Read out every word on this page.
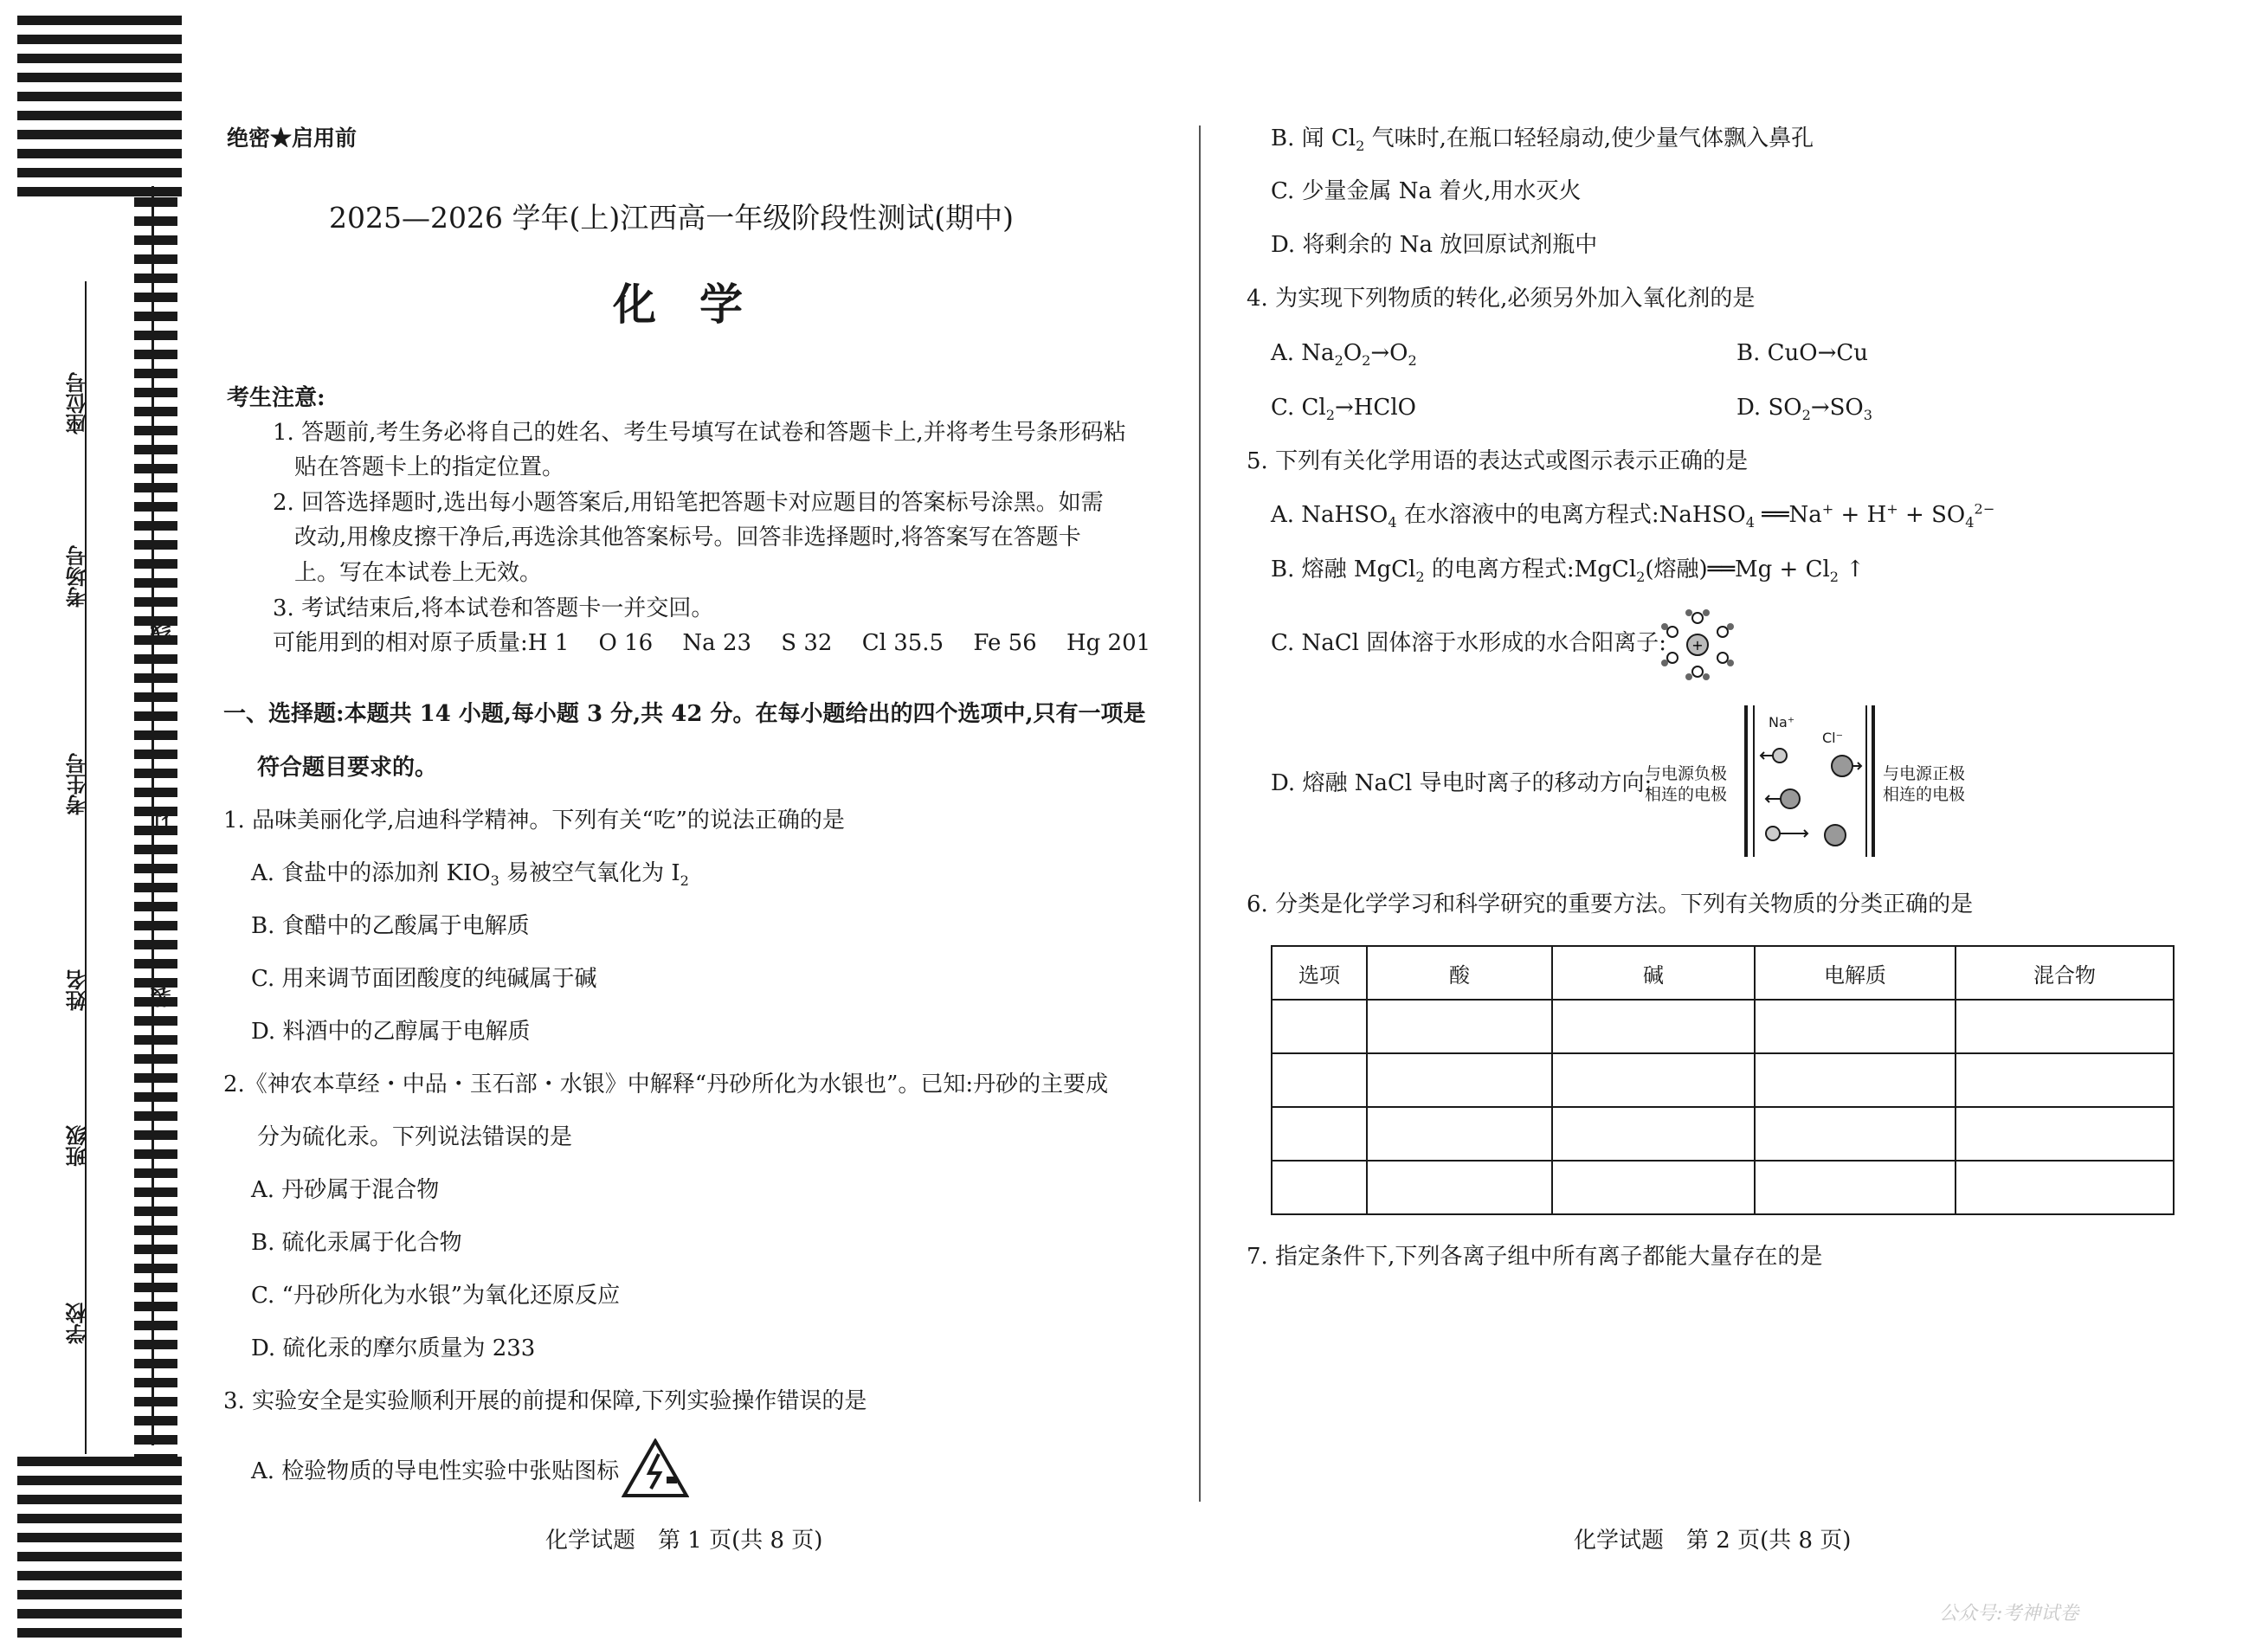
座位号
考场号
考生号
姓名
班级
学校
线
订
装
绝密★启用前
2025—2026 学年(上)江西高一年级阶段性测试(期中)
化　学
考生注意:
1. 答题前,考生务必将自己的姓名、考生号填写在试卷和答题卡上,并将考生号条形码粘
贴在答题卡上的指定位置。
2. 回答选择题时,选出每小题答案后,用铅笔把答题卡对应题目的答案标号涂黑。如需
改动,用橡皮擦干净后,再选涂其他答案标号。回答非选择题时,将答案写在答题卡
上。写在本试卷上无效。
3. 考试结束后,将本试卷和答题卡一并交回。
可能用到的相对原子质量:H 1　 O 16　 Na 23　 S 32　 Cl 35.5　 Fe 56　 Hg 201
一、选择题:本题共 14 小题,每小题 3 分,共 42 分。在每小题给出的四个选项中,只有一项是
符合题目要求的。
1. 品味美丽化学,启迪科学精神。下列有关“吃”的说法正确的是
A. 食盐中的添加剂 $KIO_3$ 易被空气氧化为 $I_2$
B. 食醋中的乙酸属于电解质
C. 用来调节面团酸度的纯碱属于碱
D. 料酒中的乙醇属于电解质
2.《神农本草经・中品・玉石部・水银》中解释“丹砂所化为水银也”。已知:丹砂的主要成
分为硫化汞。下列说法错误的是
A. 丹砂属于混合物
B. 硫化汞属于化合物
C. “丹砂所化为水银”为氧化还原反应
D. 硫化汞的摩尔质量为 233
3. 实验安全是实验顺利开展的前提和保障,下列实验操作错误的是
A. 检验物质的导电性实验中张贴图标
B. 闻 $Cl_2$ 气味时,在瓶口轻轻扇动,使少量气体飘入鼻孔
C. 少量金属 Na 着火,用水灭火
D. 将剩余的 Na 放回原试剂瓶中
4. 为实现下列物质的转化,必须另外加入氧化剂的是
A. $Na_2O_2\to O_2$	B. CuO→Cu
C. $Cl_2\to HClO$	D. $SO_2\to SO_3$
5. 下列有关化学用语的表达式或图示表示正确的是
A. NaHSO$_4$ 在水溶液中的电离方程式:NaHSO$_4$ ══Na+ + $H^+ + SO_4^{2-}$
B. 熔融 MgCl$_2$ 的电离方程式:MgCl$_2$(熔融)══Mg + $Cl_2$ ↑
C. NaCl 固体溶于水形成的水合阳离子: +
D. 熔融 NaCl 导电时离子的移动方向:
与电源负极
相连的电极
与电源正极
相连的电极
Na⁺
Cl⁻
6. 分类是化学学习和科学研究的重要方法。下列有关物质的分类正确的是
选项	酸	碱	电解质	混合物

7. 指定条件下,下列各离子组中所有离子都能大量存在的是
化学试题　第 1 页(共 8 页)	化学试题　第 2 页(共 8 页)
公众号:考神试卷
